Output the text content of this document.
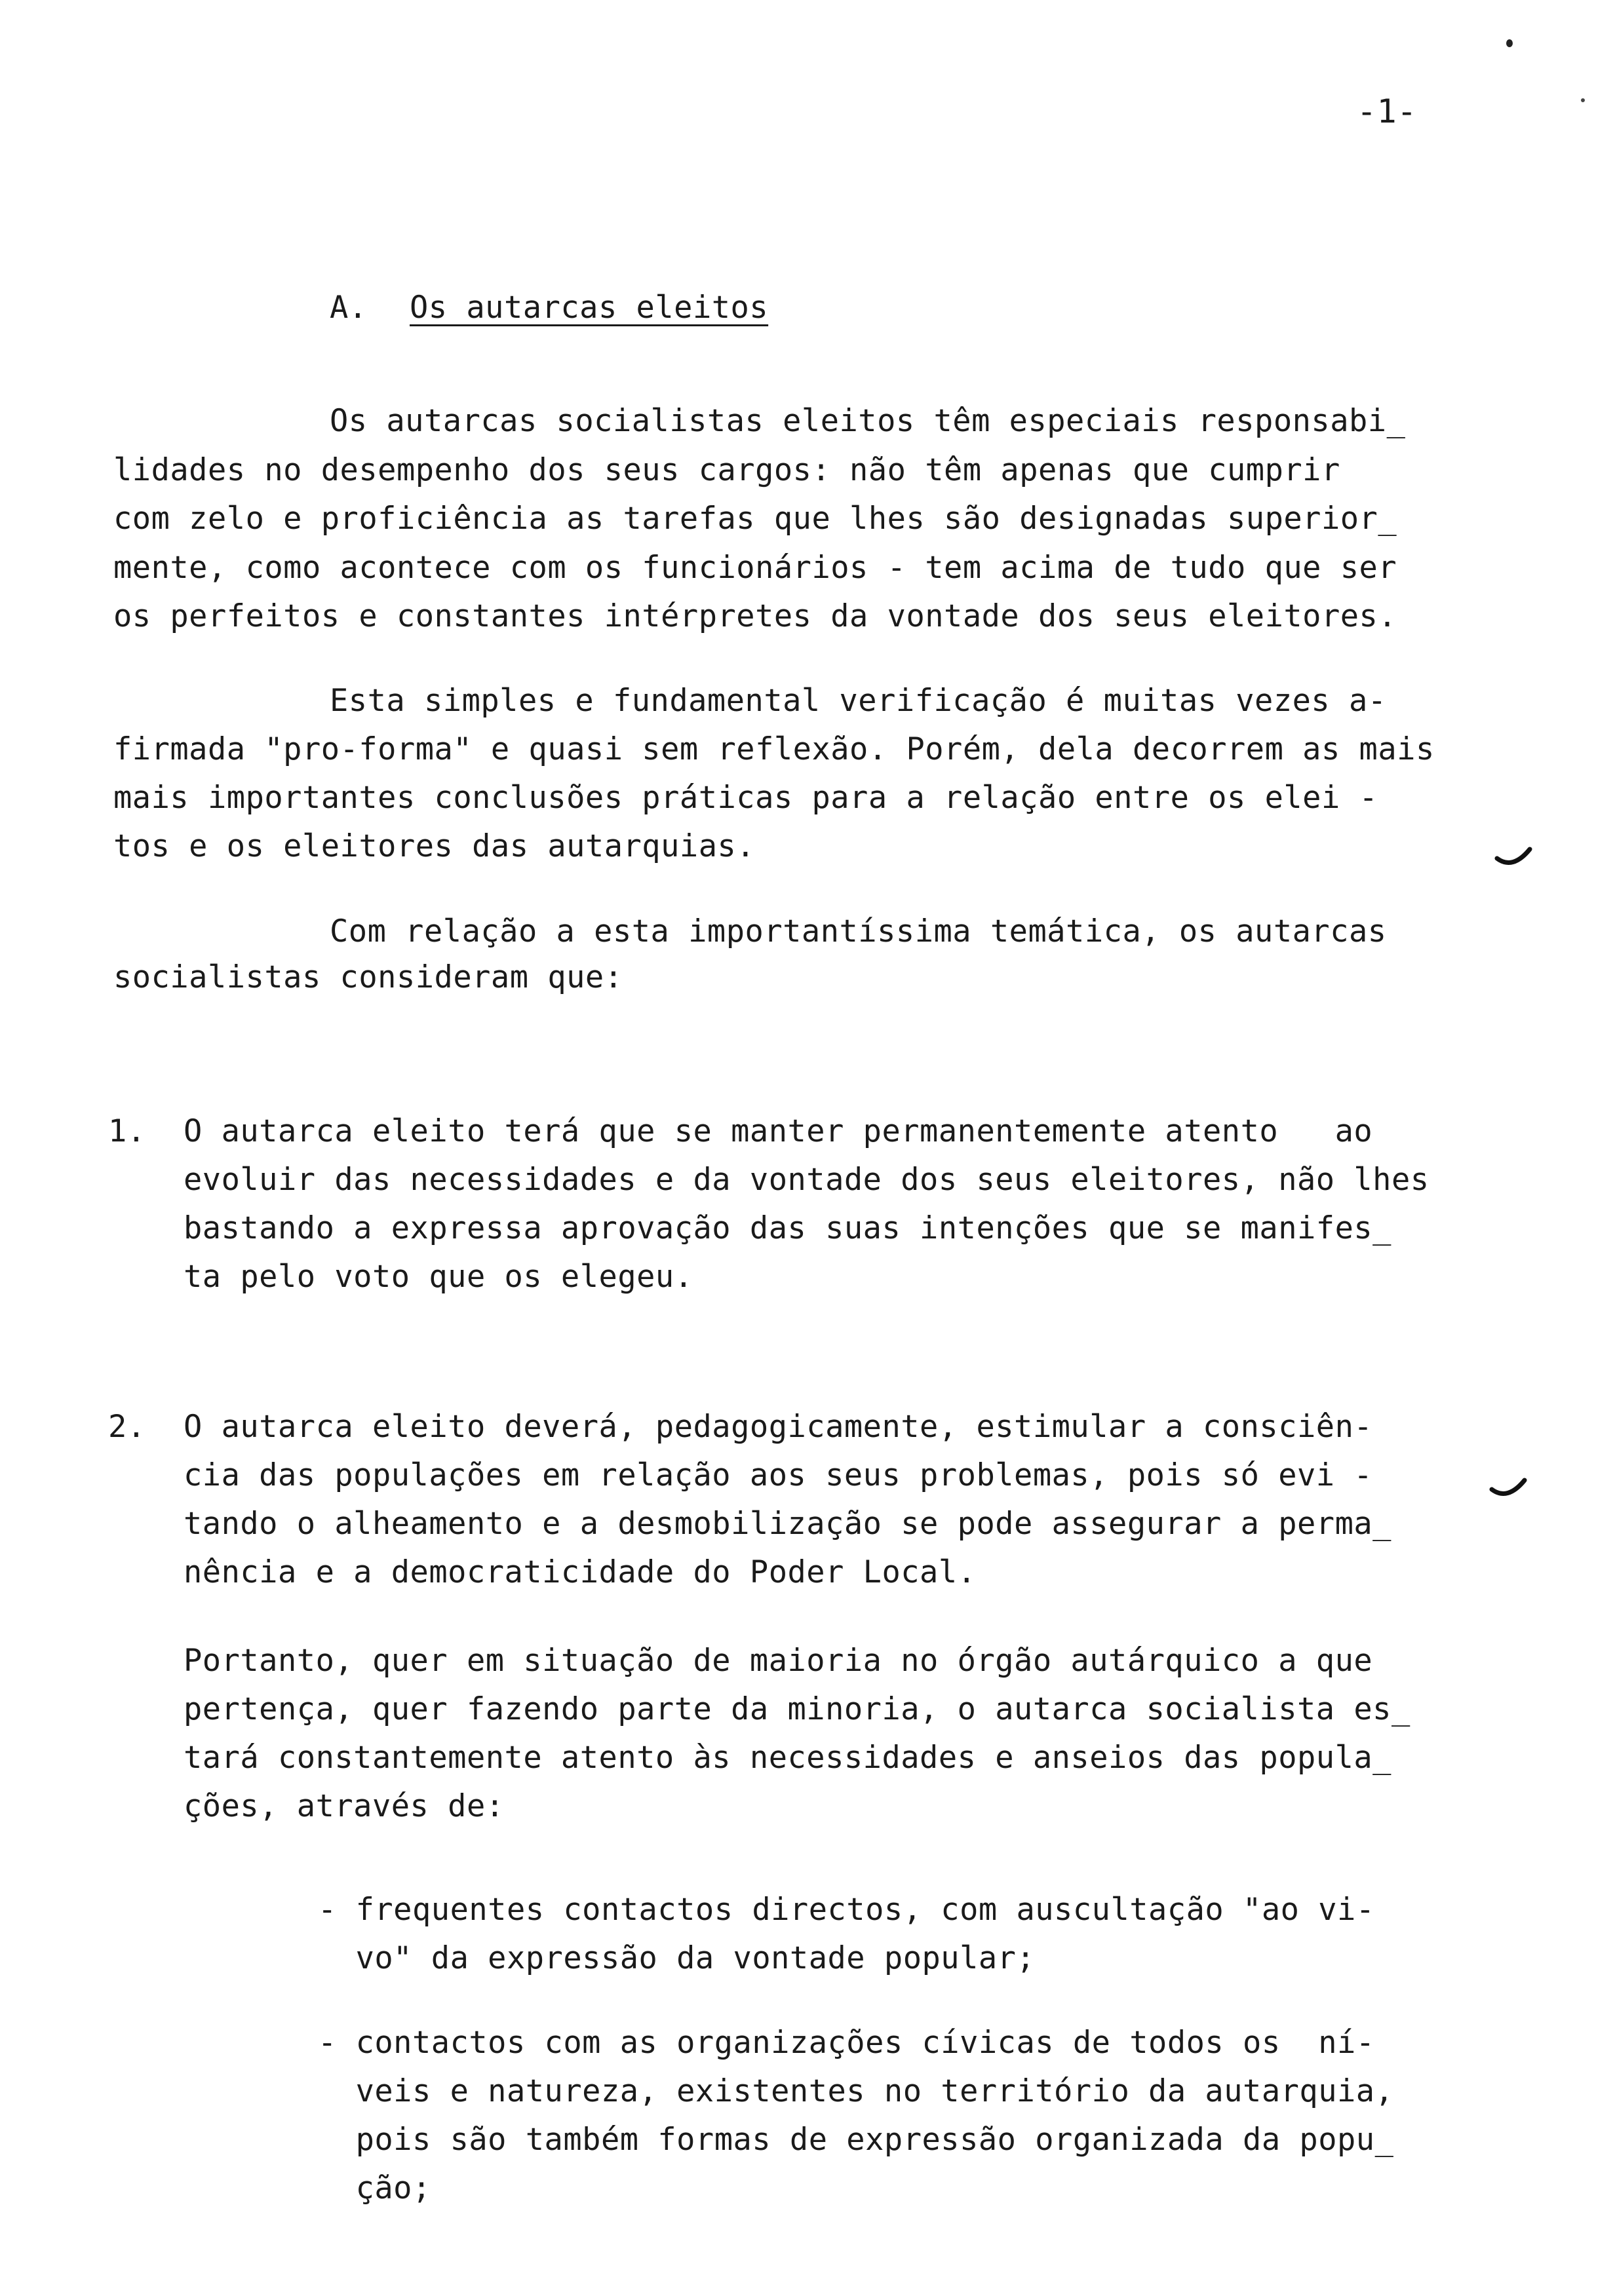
-1-
A. Os autarcas eleitos
Os autarcas socialistas eleitos têm especiais responsabi_
lidades no desempenho dos seus cargos: não têm apenas que cumprir
com zelo e proficiência as tarefas que lhes são designadas superior_
mente, como acontece com os funcionários - tem acima de tudo que ser
os perfeitos e constantes intérpretes da vontade dos seus eleitores.
Esta simples e fundamental verificação é muitas vezes a-
firmada "pro-forma" e quasi sem reflexão. Porém, dela decorrem as mais
mais importantes conclusões práticas para a relação entre os elei -
tos e os eleitores das autarquias.
Com relação a esta importantíssima temática, os autarcas
socialistas consideram que:
1. O autarca eleito terá que se manter permanentemente atento   ao
evoluir das necessidades e da vontade dos seus eleitores, não lhes
bastando a expressa aprovação das suas intenções que se manifes_
ta pelo voto que os elegeu.
2. O autarca eleito deverá, pedagogicamente, estimular a consciên-
cia das populações em relação aos seus problemas, pois só evi -
tando o alheamento e a desmobilização se pode assegurar a perma_
nência e a democraticidade do Poder Local.
Portanto, quer em situação de maioria no órgão autárquico a que
pertença, quer fazendo parte da minoria, o autarca socialista es_
tará constantemente atento às necessidades e anseios das popula_
ções, através de:
- frequentes contactos directos, com auscultação "ao vi-
vo" da expressão da vontade popular;
- contactos com as organizações cívicas de todos os  ní-
veis e natureza, existentes no território da autarquia,
pois são também formas de expressão organizada da popu_
ção;
